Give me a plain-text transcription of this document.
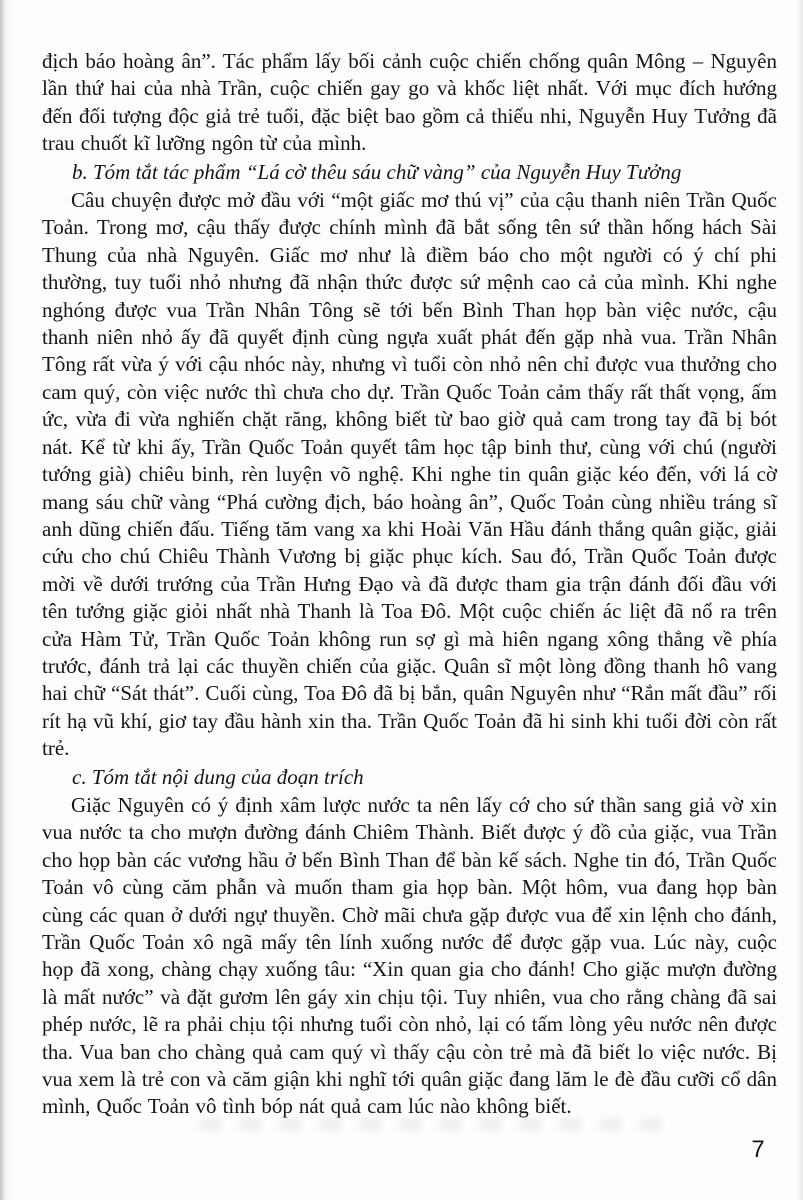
địch báo hoàng ân”. Tác phẩm lấy bối cảnh cuộc chiến chống quân Mông – Nguyên lần thứ hai của nhà Trần, cuộc chiến gay go và khốc liệt nhất. Với mục đích hướng đến đối tượng độc giả trẻ tuổi, đặc biệt bao gồm cả thiếu nhi, Nguyễn Huy Tưởng đã trau chuốt kĩ lưỡng ngôn từ của mình.

b. Tóm tắt tác phẩm “Lá cờ thêu sáu chữ vàng” của Nguyễn Huy Tưởng

Câu chuyện được mở đầu với “một giấc mơ thú vị” của cậu thanh niên Trần Quốc Toản. Trong mơ, cậu thấy được chính mình đã bắt sống tên sứ thần hống hách Sài Thung của nhà Nguyên. Giấc mơ như là điềm báo cho một người có ý chí phi thường, tuy tuổi nhỏ nhưng đã nhận thức được sứ mệnh cao cả của mình. Khi nghe nghóng được vua Trần Nhân Tông sẽ tới bến Bình Than họp bàn việc nước, cậu thanh niên nhỏ ấy đã quyết định cùng ngựa xuất phát đến gặp nhà vua. Trần Nhân Tông rất vừa ý với cậu nhóc này, nhưng vì tuổi còn nhỏ nên chỉ được vua thưởng cho cam quý, còn việc nước thì chưa cho dự. Trần Quốc Toản cảm thấy rất thất vọng, ấm ức, vừa đi vừa nghiến chặt răng, không biết từ bao giờ quả cam trong tay đã bị bót nát. Kể từ khi ấy, Trần Quốc Toản quyết tâm học tập binh thư, cùng với chú (người tướng già) chiêu binh, rèn luyện võ nghệ. Khi nghe tin quân giặc kéo đến, với lá cờ mang sáu chữ vàng “Phá cường địch, báo hoàng ân”, Quốc Toản cùng nhiều tráng sĩ anh dũng chiến đấu. Tiếng tăm vang xa khi Hoài Văn Hầu đánh thắng quân giặc, giải cứu cho chú Chiêu Thành Vương bị giặc phục kích. Sau đó, Trần Quốc Toản được mời về dưới trướng của Trần Hưng Đạo và đã được tham gia trận đánh đối đầu với tên tướng giặc giỏi nhất nhà Thanh là Toa Đô. Một cuộc chiến ác liệt đã nổ ra trên cửa Hàm Tử, Trần Quốc Toản không run sợ gì mà hiên ngang xông thẳng về phía trước, đánh trả lại các thuyền chiến của giặc. Quân sĩ một lòng đồng thanh hô vang hai chữ “Sát thát”. Cuối cùng, Toa Đô đã bị bắn, quân Nguyên như “Rắn mất đầu” rối rít hạ vũ khí, giơ tay đầu hành xin tha. Trần Quốc Toản đã hi sinh khi tuổi đời còn rất trẻ.

c. Tóm tắt nội dung của đoạn trích

Giặc Nguyên có ý định xâm lược nước ta nên lấy cớ cho sứ thần sang giả vờ xin vua nước ta cho mượn đường đánh Chiêm Thành. Biết được ý đồ của giặc, vua Trần cho họp bàn các vương hầu ở bến Bình Than để bàn kế sách. Nghe tin đó, Trần Quốc Toản vô cùng căm phẫn và muốn tham gia họp bàn. Một hôm, vua đang họp bàn cùng các quan ở dưới ngự thuyền. Chờ mãi chưa gặp được vua để xin lệnh cho đánh, Trần Quốc Toản xô ngã mấy tên lính xuống nước để được gặp vua. Lúc này, cuộc họp đã xong, chàng chạy xuống tâu: “Xin quan gia cho đánh! Cho giặc mượn đường là mất nước” và đặt gươm lên gáy xin chịu tội. Tuy nhiên, vua cho rằng chàng đã sai phép nước, lẽ ra phải chịu tội nhưng tuổi còn nhỏ, lại có tấm lòng yêu nước nên được tha. Vua ban cho chàng quả cam quý vì thấy cậu còn trẻ mà đã biết lo việc nước. Bị vua xem là trẻ con và căm giận khi nghĩ tới quân giặc đang lăm le đè đầu cưỡi cổ dân mình, Quốc Toản vô tình bóp nát quả cam lúc nào không biết.

7
